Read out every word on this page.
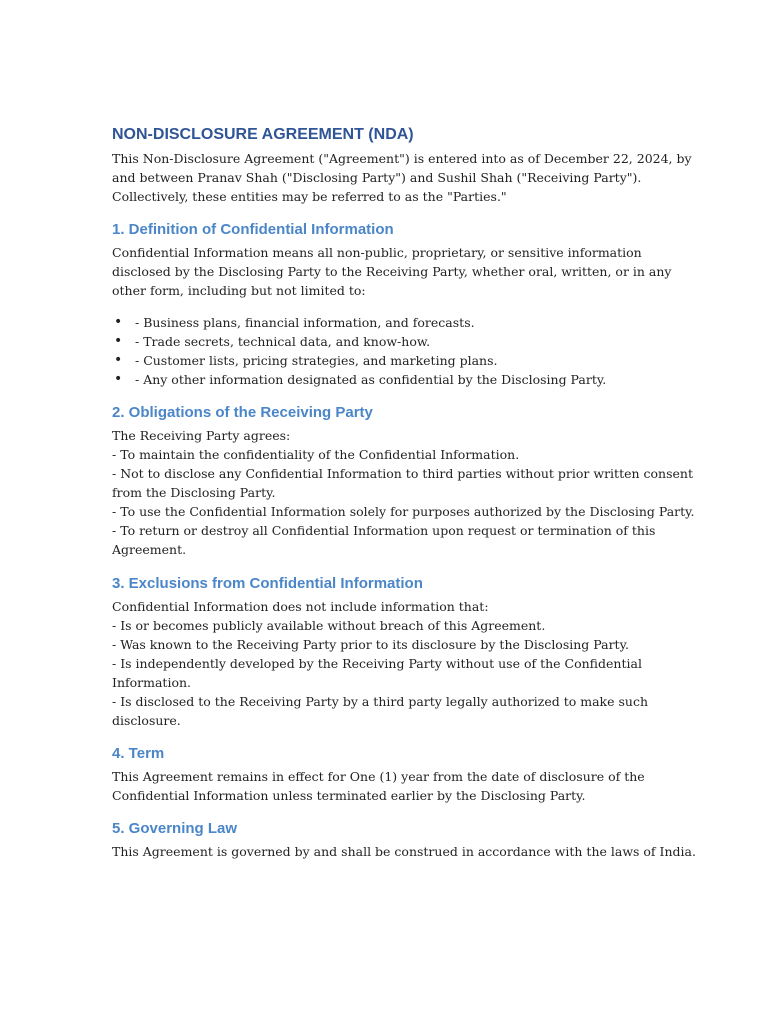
NON-DISCLOSURE AGREEMENT (NDA)
This Non-Disclosure Agreement ("Agreement") is entered into as of December 22, 2024, by
and between Pranav Shah ("Disclosing Party") and Sushil Shah ("Receiving Party").
Collectively, these entities may be referred to as the "Parties."
1. Definition of Confidential Information
Confidential Information means all non-public, proprietary, or sensitive information
disclosed by the Disclosing Party to the Receiving Party, whether oral, written, or in any
other form, including but not limited to:
• - Business plans, financial information, and forecasts.
• - Trade secrets, technical data, and know-how.
• - Customer lists, pricing strategies, and marketing plans.
• - Any other information designated as confidential by the Disclosing Party.
2. Obligations of the Receiving Party
The Receiving Party agrees:
- To maintain the confidentiality of the Confidential Information.
- Not to disclose any Confidential Information to third parties without prior written consent
from the Disclosing Party.
- To use the Confidential Information solely for purposes authorized by the Disclosing Party.
- To return or destroy all Confidential Information upon request or termination of this
Agreement.
3. Exclusions from Confidential Information
Confidential Information does not include information that:
- Is or becomes publicly available without breach of this Agreement.
- Was known to the Receiving Party prior to its disclosure by the Disclosing Party.
- Is independently developed by the Receiving Party without use of the Confidential
Information.
- Is disclosed to the Receiving Party by a third party legally authorized to make such
disclosure.
4. Term
This Agreement remains in effect for One (1) year from the date of disclosure of the
Confidential Information unless terminated earlier by the Disclosing Party.
5. Governing Law
This Agreement is governed by and shall be construed in accordance with the laws of India.
